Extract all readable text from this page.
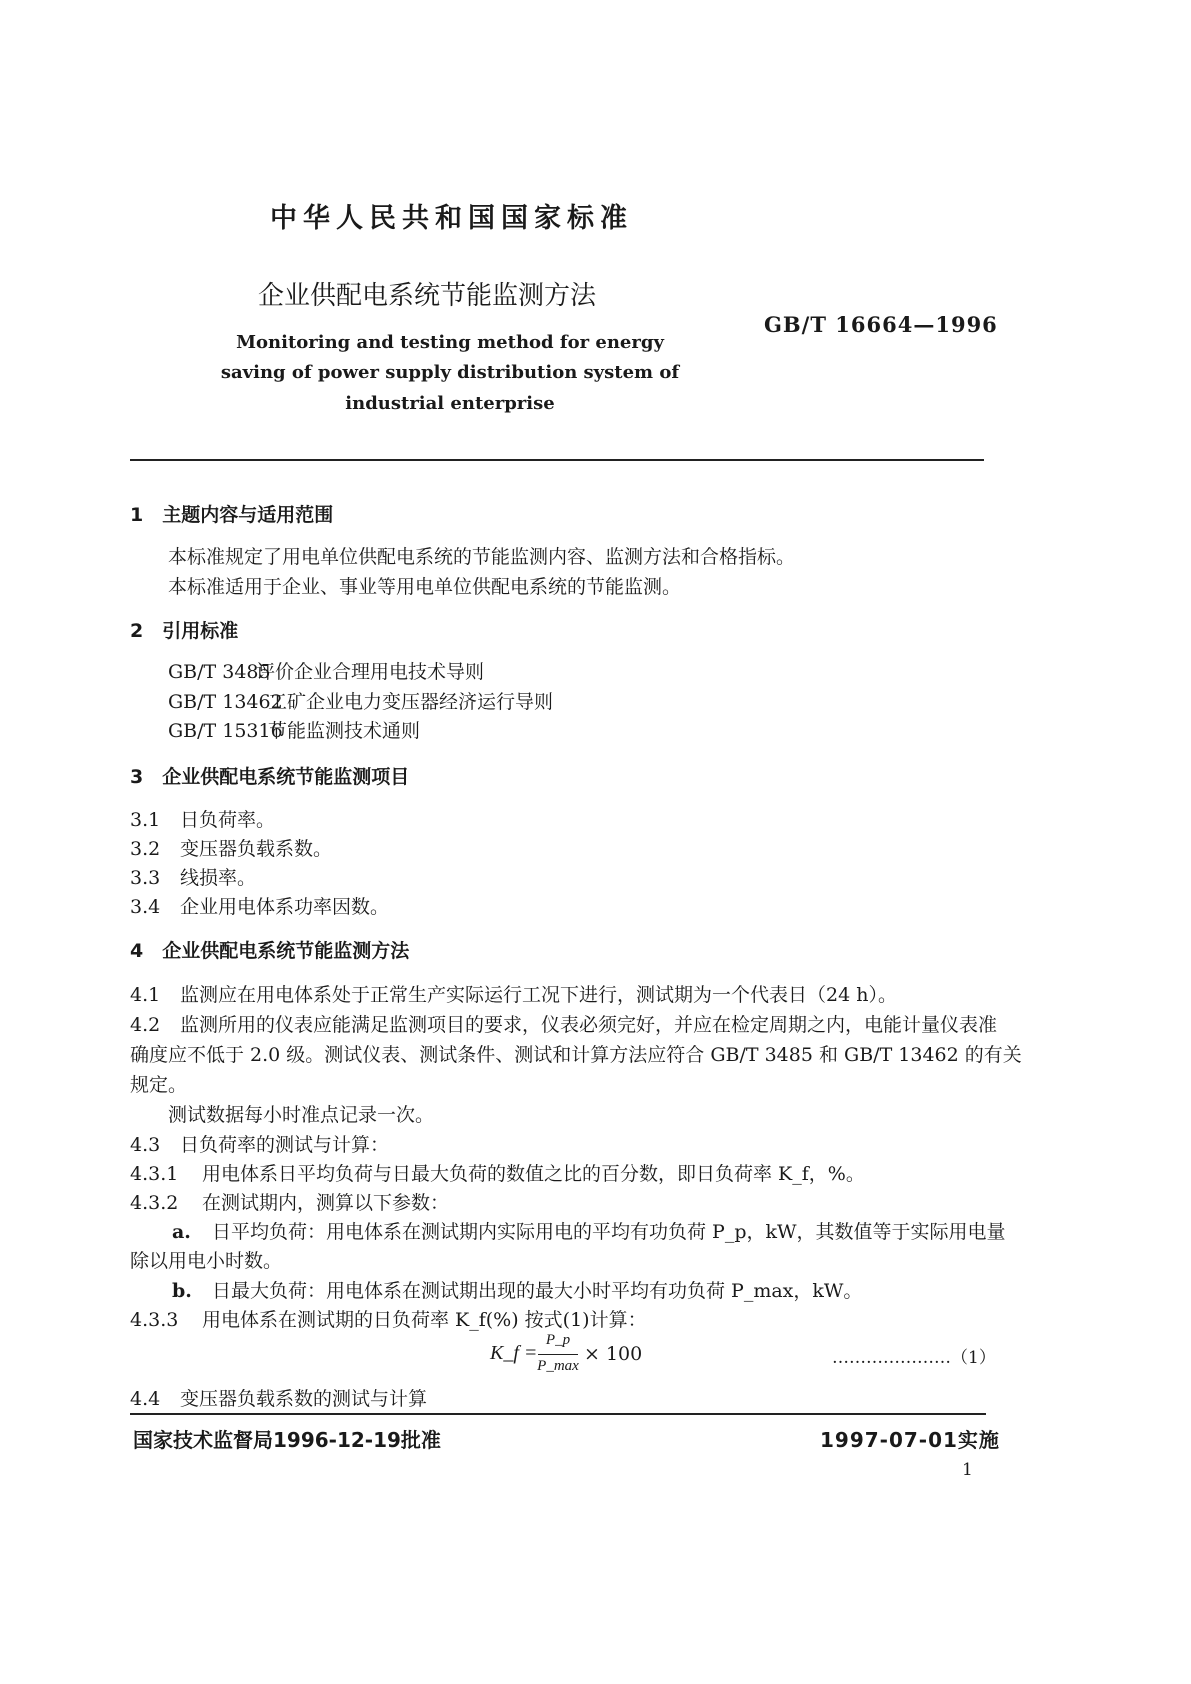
中华人民共和国国家标准
企业供配电系统节能监测方法
GB/T 16664—1996
Monitoring and testing method for energy
saving of power supply distribution system of
industrial enterprise
1　主题内容与适用范围
本标准规定了用电单位供配电系统的节能监测内容、监测方法和合格指标。
本标准适用于企业、事业等用电单位供配电系统的节能监测。
2　引用标准
GB/T 3485评价企业合理用电技术导则
GB/T 13462工矿企业电力变压器经济运行导则
GB/T 15316节能监测技术通则
3　企业供配电系统节能监测项目
3.1 日负荷率。
3.2 变压器负载系数。
3.3 线损率。
3.4 企业用电体系功率因数。
4　企业供配电系统节能监测方法
4.1 监测应在用电体系处于正常生产实际运行工况下进行，测试期为一个代表日（24 h）。
4.2 监测所用的仪表应能满足监测项目的要求，仪表必须完好，并应在检定周期之内，电能计量仪表准
确度应不低于 2.0 级。测试仪表、测试条件、测试和计算方法应符合 GB/T 3485 和 GB/T 13462 的有关
规定。
测试数据每小时准点记录一次。
4.3 日负荷率的测试与计算：
4.3.1 用电体系日平均负荷与日最大负荷的数值之比的百分数，即日负荷率 K_f，%。
4.3.2 在测试期内，测算以下参数：
a. 日平均负荷：用电体系在测试期内实际用电的平均有功负荷 P_p，kW，其数值等于实际用电量
除以用电小时数。
b. 日最大负荷：用电体系在测试期出现的最大小时平均有功负荷 P_max，kW。
4.3.3 用电体系在测试期的日负荷率 K_f(%) 按式(1)计算：
K_f =
P_p
P_max
× 100	…………………（1）
4.4 变压器负载系数的测试与计算
国家技术监督局1996-12-19批准	1997-07-01实施
1
